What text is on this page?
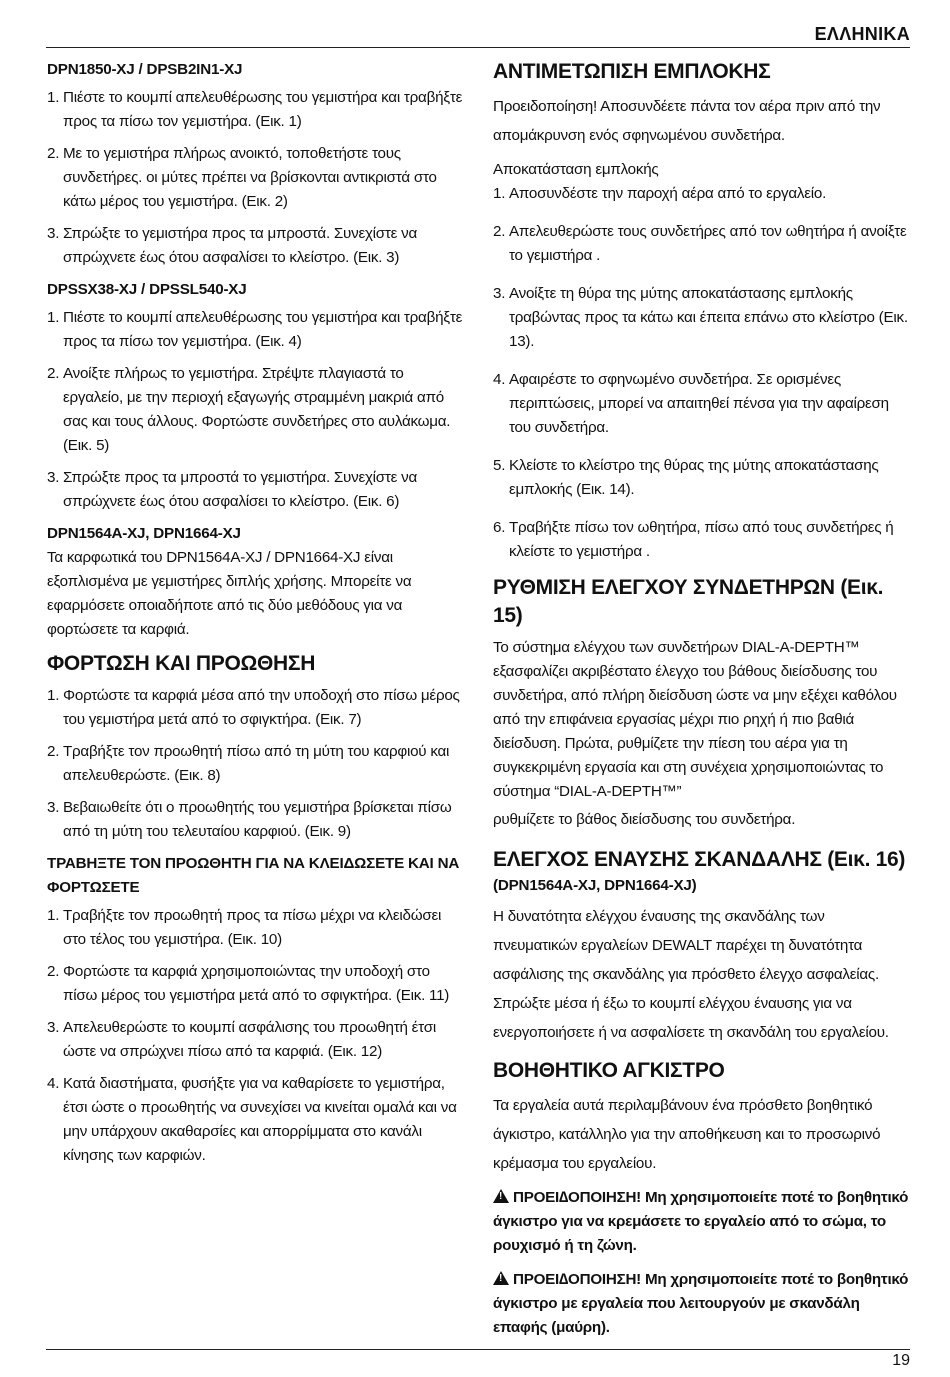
ΕΛΛΗΝΙΚΑ
DPN1850-XJ / DPSB2IN1-XJ
1. Πιέστε το κουμπί απελευθέρωσης του γεμιστήρα και τραβήξτε προς τα πίσω τον γεμιστήρα. (Εικ. 1)
2. Με το γεμιστήρα πλήρως ανοικτό, τοποθετήστε τους συνδετήρες. οι μύτες πρέπει να βρίσκονται αντικριστά στο κάτω μέρος του γεμιστήρα. (Εικ. 2)
3. Σπρώξτε το γεμιστήρα προς τα μπροστά. Συνεχίστε να σπρώχνετε έως ότου ασφαλίσει το κλείστρο. (Εικ. 3)
DPSSX38-XJ / DPSSL540-XJ
1. Πιέστε το κουμπί απελευθέρωσης του γεμιστήρα και τραβήξτε προς τα πίσω τον γεμιστήρα. (Εικ. 4)
2. Ανοίξτε πλήρως το γεμιστήρα. Στρέψτε πλαγιαστά το εργαλείο, με την περιοχή εξαγωγής στραμμένη μακριά από σας και τους άλλους. Φορτώστε συνδετήρες στο αυλάκωμα. (Εικ. 5)
3. Σπρώξτε προς τα μπροστά το γεμιστήρα. Συνεχίστε να σπρώχνετε έως ότου ασφαλίσει το κλείστρο. (Εικ. 6)
DPN1564A-XJ, DPN1664-XJ

Τα καρφωτικά του DPN1564A-XJ / DPN1664-XJ είναι εξοπλισμένα με γεμιστήρες διπλής χρήσης. Μπορείτε να εφαρμόσετε οποιαδήποτε από τις δύο μεθόδους για να φορτώσετε τα καρφιά.

ΦΟΡΤΩΣΗ ΚΑΙ ΠΡΟΩΘΗΣΗ
1. Φορτώστε τα καρφιά μέσα από την υποδοχή στο πίσω μέρος του γεμιστήρα μετά από το σφιγκτήρα. (Εικ. 7)
2. Τραβήξτε τον προωθητή πίσω από τη μύτη του καρφιού και απελευθερώστε. (Εικ. 8)
3. Βεβαιωθείτε ότι ο προωθητής του γεμιστήρα βρίσκεται πίσω από τη μύτη του τελευταίου καρφιού. (Εικ. 9)
ΤΡΑΒΗΞΤΕ ΤΟΝ ΠΡΟΩΘΗΤΗ ΓΙΑ ΝΑ ΚΛΕΙΔΩΣΕΤΕ ΚΑΙ ΝΑ ΦΟΡΤΩΣΕΤΕ
1. Τραβήξτε τον προωθητή προς τα πίσω μέχρι να κλειδώσει στο τέλος του γεμιστήρα. (Εικ. 10)
2. Φορτώστε τα καρφιά χρησιμοποιώντας την υποδοχή στο πίσω μέρος του γεμιστήρα μετά από το σφιγκτήρα. (Εικ. 11)
3. Απελευθερώστε το κουμπί ασφάλισης του προωθητή έτσι ώστε να σπρώχνει πίσω από τα καρφιά. (Εικ. 12)
4. Κατά διαστήματα, φυσήξτε για να καθαρίσετε το γεμιστήρα, έτσι ώστε ο προωθητής να συνεχίσει να κινείται ομαλά και να μην υπάρχουν ακαθαρσίες και απορρίμματα στο κανάλι κίνησης των καρφιών.
ΑΝΤΙΜΕΤΩΠΙΣΗ ΕΜΠΛΟΚΗΣ

Προειδοποίηση! Αποσυνδέετε πάντα τον αέρα πριν από την απομάκρυνση ενός σφηνωμένου συνδετήρα.

Αποκατάσταση εμπλοκής
1. Αποσυνδέστε την παροχή αέρα από το εργαλείο.
2. Απελευθερώστε τους συνδετήρες από τον ωθητήρα ή ανοίξτε το γεμιστήρα .
3. Ανοίξτε τη θύρα της μύτης αποκατάστασης εμπλοκής τραβώντας προς τα κάτω και έπειτα επάνω στο κλείστρο (Εικ. 13).
4. Αφαιρέστε το σφηνωμένο συνδετήρα. Σε ορισμένες περιπτώσεις, μπορεί να απαιτηθεί πένσα για την αφαίρεση του συνδετήρα.
5. Κλείστε το κλείστρο της θύρας της μύτης αποκατάστασης εμπλοκής (Εικ. 14).
6. Τραβήξτε πίσω τον ωθητήρα, πίσω από τους συνδετήρες ή κλείστε το γεμιστήρα .
ΡΥΘΜΙΣΗ ΕΛΕΓΧΟΥ ΣΥΝΔΕΤΗΡΩΝ (Εικ. 15)

Το σύστημα ελέγχου των συνδετήρων DIAL-A-DEPTH™ εξασφαλίζει ακριβέστατο έλεγχο του βάθους διείσδυσης του συνδετήρα, από πλήρη διείσδυση ώστε να μην εξέχει καθόλου από την επιφάνεια εργασίας μέχρι πιο ρηχή ή πιο βαθιά διείσδυση. Πρώτα, ρυθμίζετε την πίεση του αέρα για τη συγκεκριμένη εργασία και στη συνέχεια χρησιμοποιώντας το σύστημα “DIAL-A-DEPTH™”

ρυθμίζετε το βάθος διείσδυσης του συνδετήρα.

ΕΛΕΓΧΟΣ ΕΝΑΥΣΗΣ ΣΚΑΝΔΑΛΗΣ (Εικ. 16)
(DPN1564A-XJ, DPN1664-XJ)

Η δυνατότητα ελέγχου έναυσης της σκανδάλης των πνευματικών εργαλείων DEWALT παρέχει τη δυνατότητα ασφάλισης της σκανδάλης για πρόσθετο έλεγχο ασφαλείας. Σπρώξτε μέσα ή έξω το κουμπί ελέγχου έναυσης για να ενεργοποιήσετε ή να ασφαλίσετε τη σκανδάλη του εργαλείου.

ΒΟΗΘΗΤΙΚΟ ΑΓΚΙΣΤΡΟ

Τα εργαλεία αυτά περιλαμβάνουν ένα πρόσθετο βοηθητικό άγκιστρο, κατάλληλο για την αποθήκευση και το προσωρινό κρέμασμα του εργαλείου.

!ΠΡΟΕΙ∆ΟΠΟΙΗΣΗ! Μη χρησιμοποιείτε ποτέ το βοηθητικό άγκιστρο για να κρεμάσετε το εργαλείο από το σώμα, το ρουχισμό ή τη ζώνη.

!ΠΡΟΕΙ∆ΟΠΟΙΗΣΗ! Μη χρησιμοποιείτε ποτέ το βοηθητικό άγκιστρο με εργαλεία που λειτουργούν με σκανδάλη επαφής (μαύρη).

19
